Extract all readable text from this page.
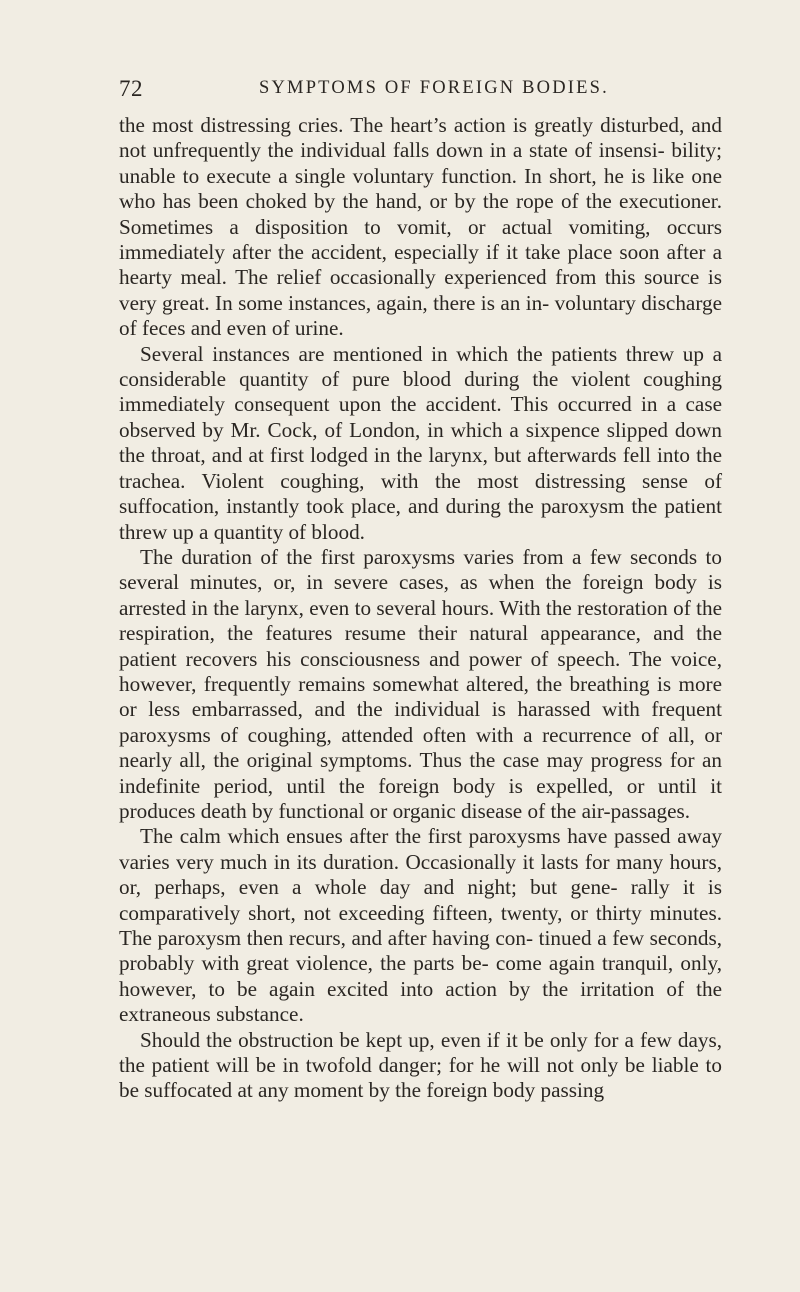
72	SYMPTOMS OF FOREIGN BODIES.

the most distressing cries. The heart’s action is greatly disturbed, and not unfrequently the individual falls down in a state of insensi- bility; unable to execute a single voluntary function. In short, he is like one who has been choked by the hand, or by the rope of the executioner. Sometimes a disposition to vomit, or actual vomiting, occurs immediately after the accident, especially if it take place soon after a hearty meal. The relief occasionally experienced from this source is very great. In some instances, again, there is an in- voluntary discharge of feces and even of urine.

Several instances are mentioned in which the patients threw up a considerable quantity of pure blood during the violent coughing immediately consequent upon the accident. This occurred in a case observed by Mr. Cock, of London, in which a sixpence slipped down the throat, and at first lodged in the larynx, but afterwards fell into the trachea. Violent coughing, with the most distressing sense of suffocation, instantly took place, and during the paroxysm the patient threw up a quantity of blood.

The duration of the first paroxysms varies from a few seconds to several minutes, or, in severe cases, as when the foreign body is arrested in the larynx, even to several hours. With the restoration of the respiration, the features resume their natural appearance, and the patient recovers his consciousness and power of speech. The voice, however, frequently remains somewhat altered, the breathing is more or less embarrassed, and the individual is harassed with frequent paroxysms of coughing, attended often with a recurrence of all, or nearly all, the original symptoms. Thus the case may progress for an indefinite period, until the foreign body is expelled, or until it produces death by functional or organic disease of the air-passages.

The calm which ensues after the first paroxysms have passed away varies very much in its duration. Occasionally it lasts for many hours, or, perhaps, even a whole day and night; but gene- rally it is comparatively short, not exceeding fifteen, twenty, or thirty minutes. The paroxysm then recurs, and after having con- tinued a few seconds, probably with great violence, the parts be- come again tranquil, only, however, to be again excited into action by the irritation of the extraneous substance.

Should the obstruction be kept up, even if it be only for a few days, the patient will be in twofold danger; for he will not only be liable to be suffocated at any moment by the foreign body passing
